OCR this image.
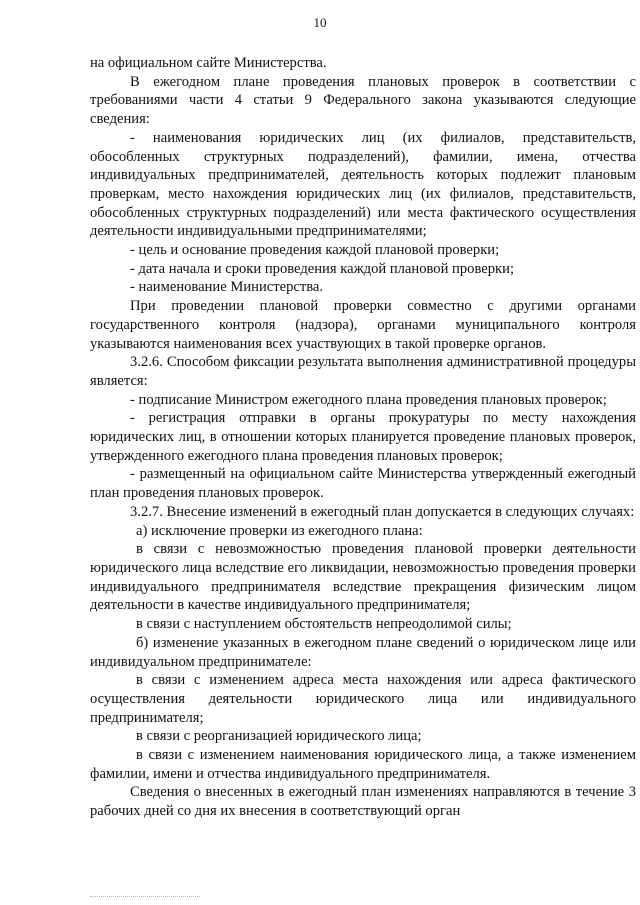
10

на официальном сайте Министерства.

В ежегодном плане проведения плановых проверок в соответствии с требованиями части 4 статьи 9 Федерального закона указываются следующие сведения:

- наименования юридических лиц (их филиалов, представительств, обособленных структурных подразделений), фамилии, имена, отчества индивидуальных предпринимателей, деятельность которых подлежит плановым проверкам, место нахождения юридических лиц (их филиалов, представительств, обособленных структурных подразделений) или места фактического осуществления деятельности индивидуальными предпринимателями;

- цель и основание проведения каждой плановой проверки;

- дата начала и сроки проведения каждой плановой проверки;

- наименование Министерства.

При проведении плановой проверки совместно с другими органами государственного контроля (надзора), органами муниципального контроля указываются наименования всех участвующих в такой проверке органов.

3.2.6. Способом фиксации результата выполнения административной процедуры является:

- подписание Министром ежегодного плана проведения плановых проверок;

- регистрация отправки в органы прокуратуры по месту нахождения юридических лиц, в отношении которых планируется проведение плановых проверок, утвержденного ежегодного плана проведения плановых проверок;

- размещенный на официальном сайте Министерства утвержденный ежегодный план проведения плановых проверок.

3.2.7. Внесение изменений в ежегодный план допускается в следующих случаях:

а) исключение проверки из ежегодного плана:

в связи с невозможностью проведения плановой проверки деятельности юридического лица вследствие его ликвидации, невозможностью проведения проверки индивидуального предпринимателя вследствие прекращения физическим лицом деятельности в качестве индивидуального предпринимателя;

в связи с наступлением обстоятельств непреодолимой силы;

б) изменение указанных в ежегодном плане сведений о юридическом лице или индивидуальном предпринимателе:

в связи с изменением адреса места нахождения или адреса фактического осуществления деятельности юридического лица или индивидуального предпринимателя;

в связи с реорганизацией юридического лица;

в связи с изменением наименования юридического лица, а также изменением фамилии, имени и отчества индивидуального предпринимателя.

Сведения о внесенных в ежегодный план изменениях направляются в течение 3 рабочих дней со дня их внесения в соответствующий орган
